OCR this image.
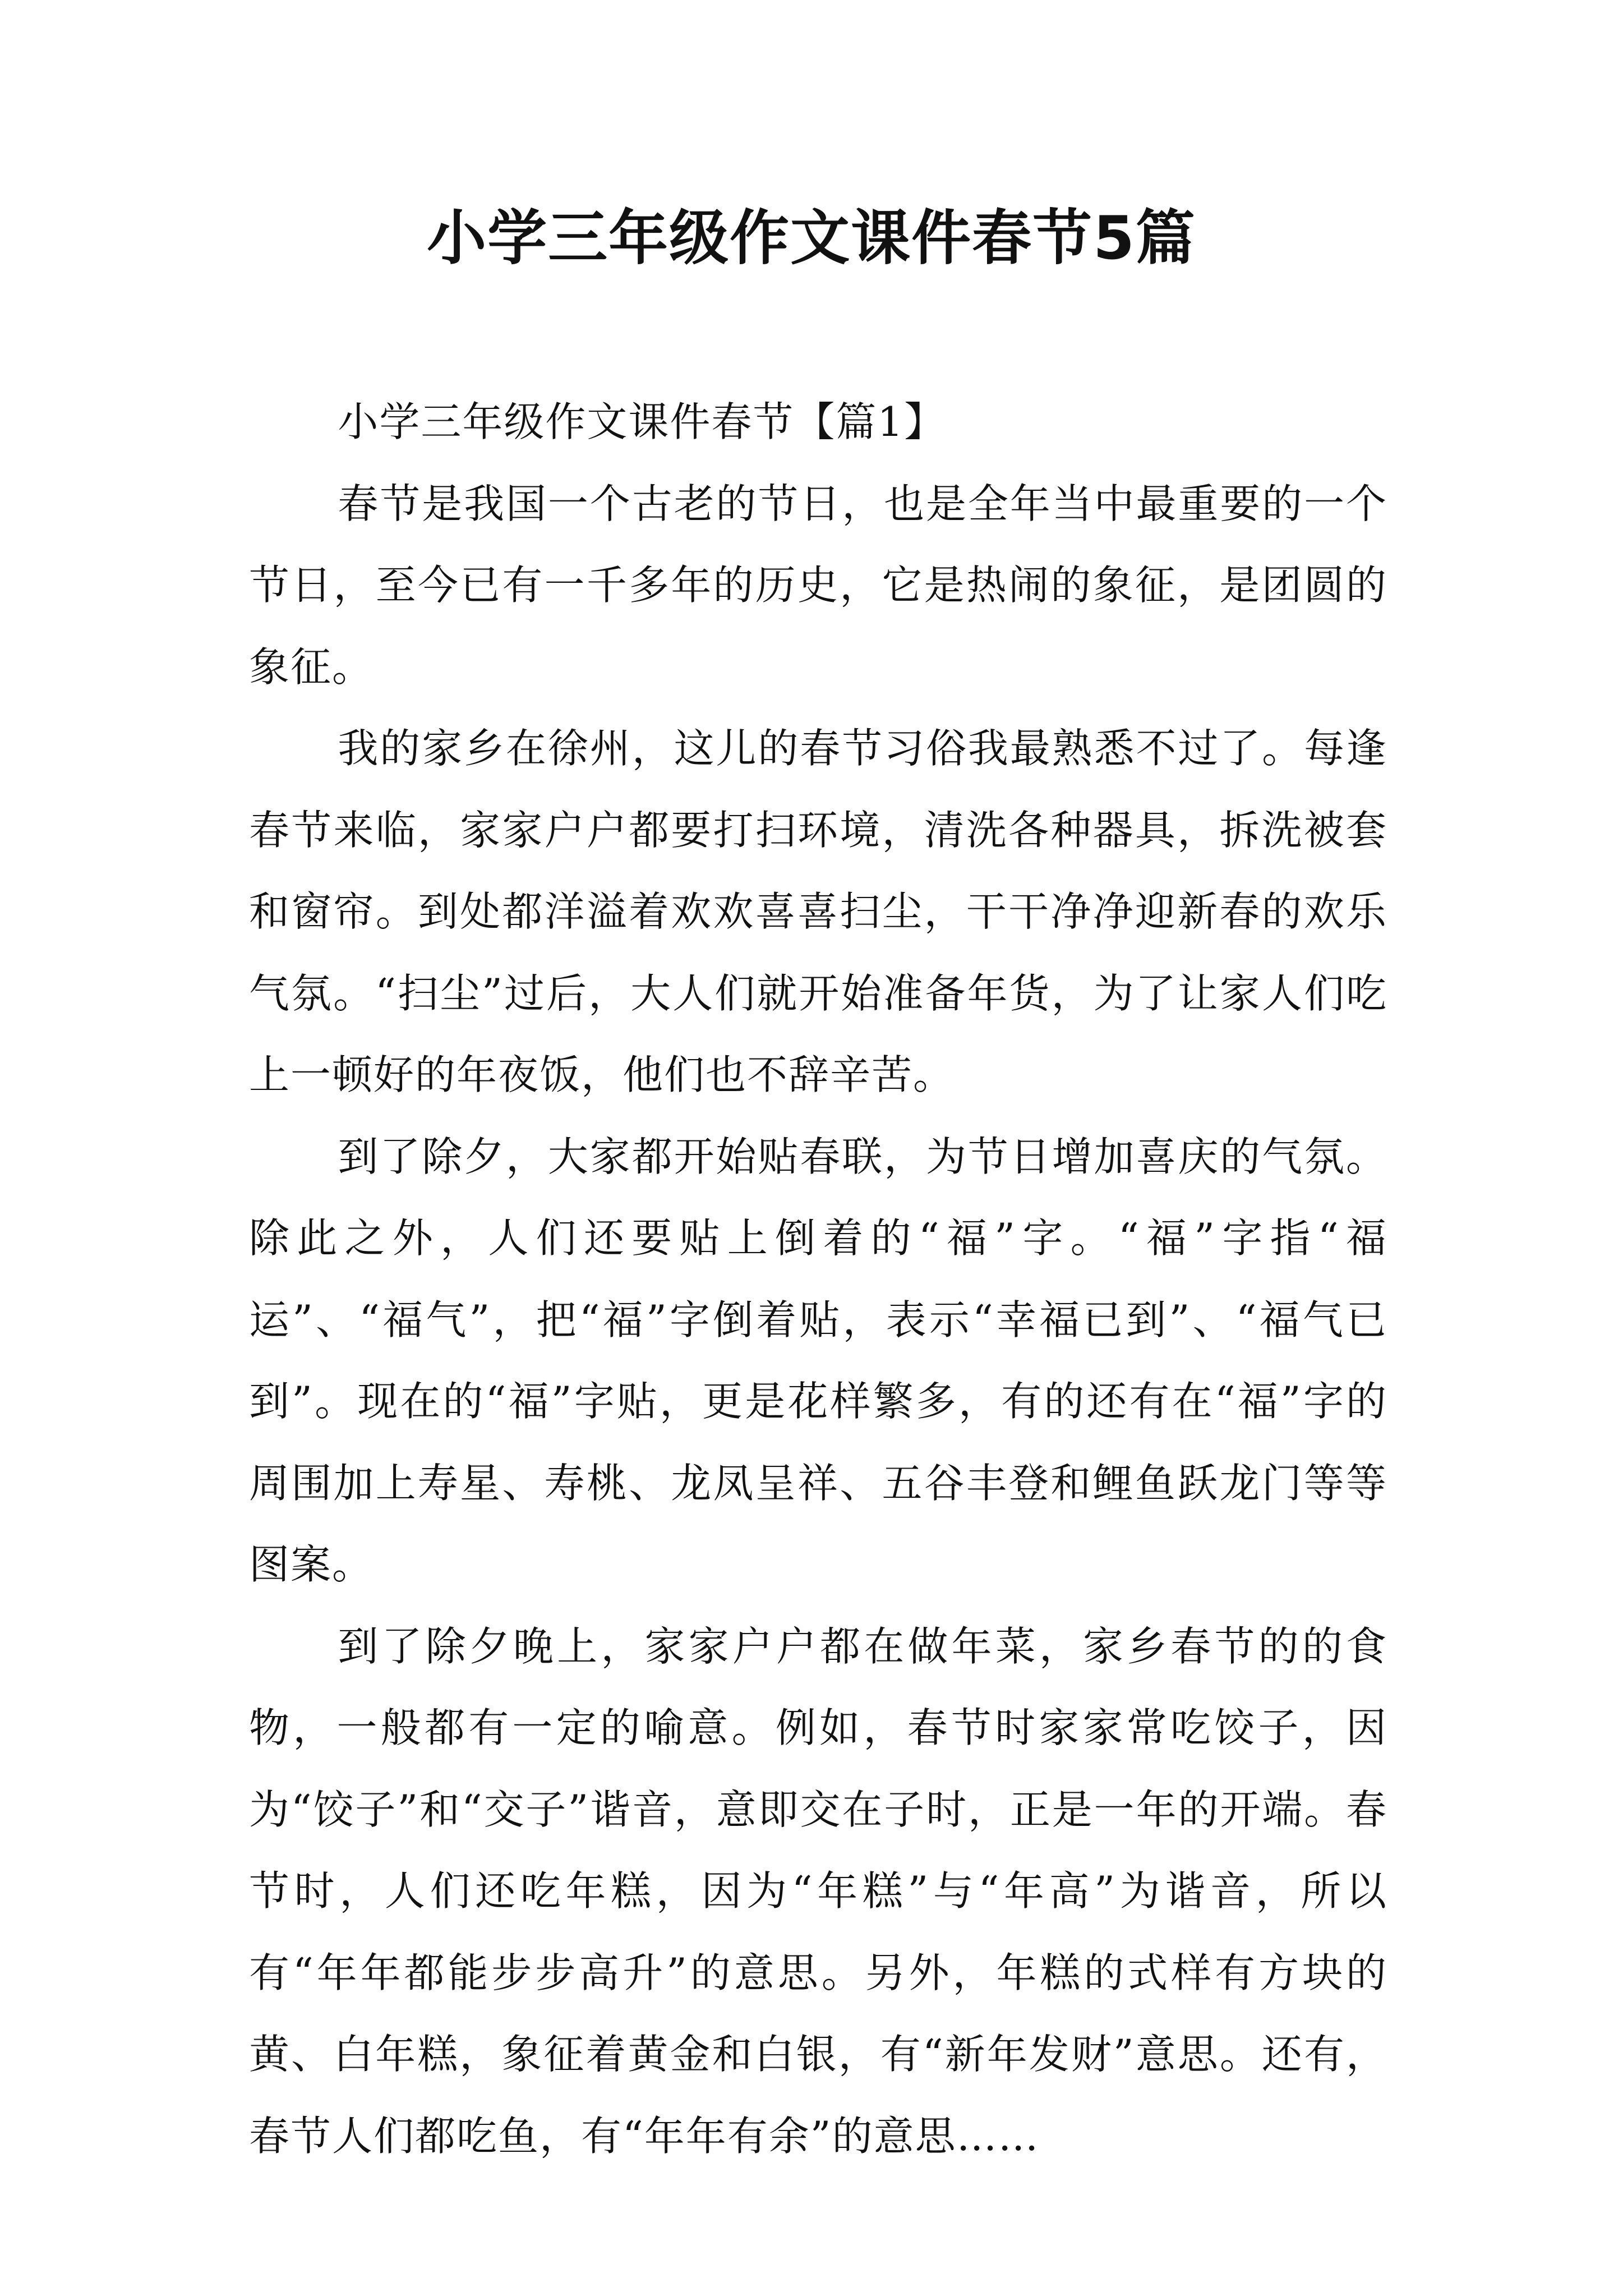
小学三年级作文课件春节5篇

小学三年级作文课件春节【篇1】

春节是我国一个古老的节日，也是全年当中最重要的一个节日，至今已有一千多年的历史，它是热闹的象征，是团圆的象征。

我的家乡在徐州，这儿的春节习俗我最熟悉不过了。每逢春节来临，家家户户都要打扫环境，清洗各种器具，拆洗被套和窗帘。到处都洋溢着欢欢喜喜扫尘，干干净净迎新春的欢乐气氛。“扫尘”过后，大人们就开始准备年货，为了让家人们吃上一顿好的年夜饭，他们也不辞辛苦。

到了除夕，大家都开始贴春联，为节日增加喜庆的气氛。除此之外，人们还要贴上倒着的“福”字。“福”字指“福运”、“福气”，把“福”字倒着贴，表示“幸福已到”、“福气已到”。现在的“福”字贴，更是花样繁多，有的还有在“福”字的周围加上寿星、寿桃、龙凤呈祥、五谷丰登和鲤鱼跃龙门等等图案。

到了除夕晚上，家家户户都在做年菜，家乡春节的的食物，一般都有一定的喻意。例如，春节时家家常吃饺子，因为“饺子”和“交子”谐音，意即交在子时，正是一年的开端。春节时，人们还吃年糕，因为“年糕”与“年高”为谐音，所以有“年年都能步步高升”的意思。另外，年糕的式样有方块的黄、白年糕，象征着黄金和白银，有“新年发财”意思。还有，春节人们都吃鱼，有“年年有余”的意思……
